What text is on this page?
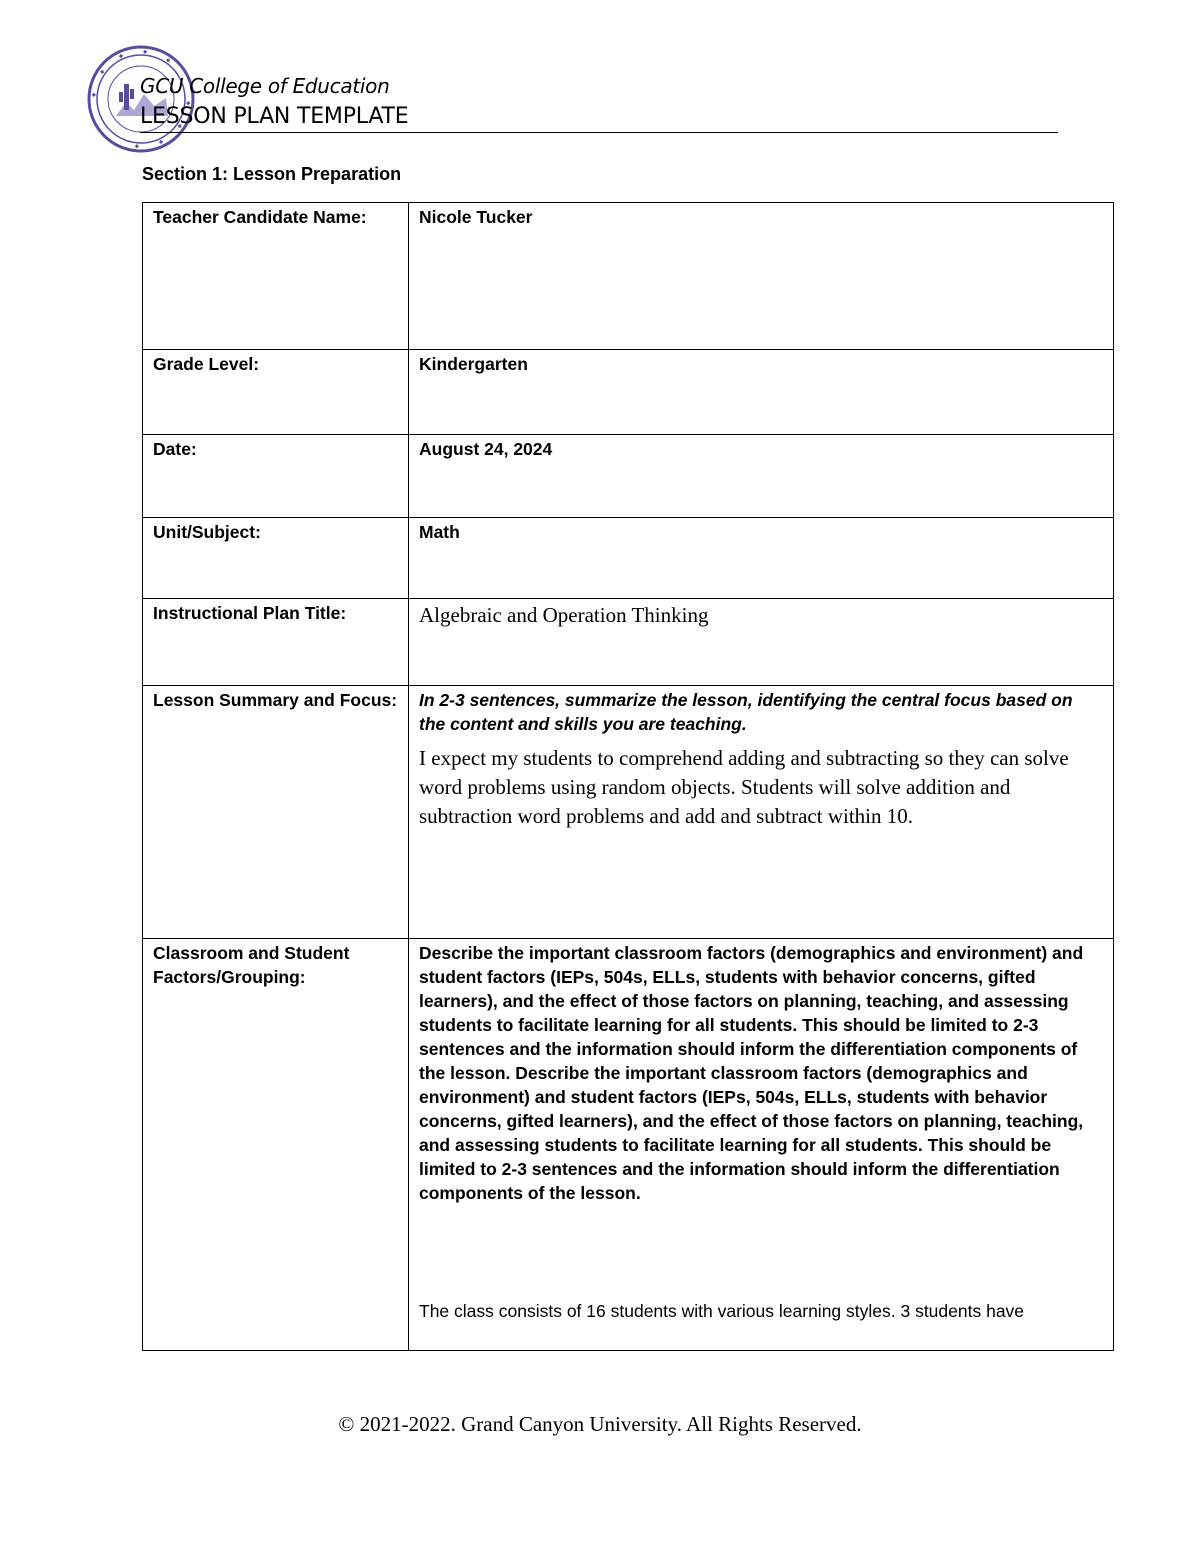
GCU College of Education
LESSON PLAN TEMPLATE
Section 1: Lesson Preparation
Teacher Candidate Name:	Nicole Tucker
Grade Level:	Kindergarten
Date:	August 24, 2024
Unit/Subject:	Math
Instructional Plan Title:	Algebraic and Operation Thinking

Lesson Summary and Focus:	In 2-3 sentences, summarize the lesson, identifying the central focus based on the content and skills you are teaching.
I expect my students to comprehend adding and subtracting so they can solve word problems using random objects. Students will solve addition and subtraction word problems and add and subtract within 10.

Classroom and Student Factors/Grouping:	Describe the important classroom factors (demographics and environment) and student factors (IEPs, 504s, ELLs, students with behavior concerns, gifted learners), and the effect of those factors on planning, teaching, and assessing students to facilitate learning for all students. This should be limited to 2-3 sentences and the information should inform the differentiation components of the lesson. Describe the important classroom factors (demographics and environment) and student factors (IEPs, 504s, ELLs, students with behavior concerns, gifted learners), and the effect of those factors on planning, teaching, and assessing students to facilitate learning for all students. This should be limited to 2-3 sentences and the information should inform the differentiation components of the lesson.
The class consists of 16 students with various learning styles. 3 students have
© 2021-2022. Grand Canyon University. All Rights Reserved.
